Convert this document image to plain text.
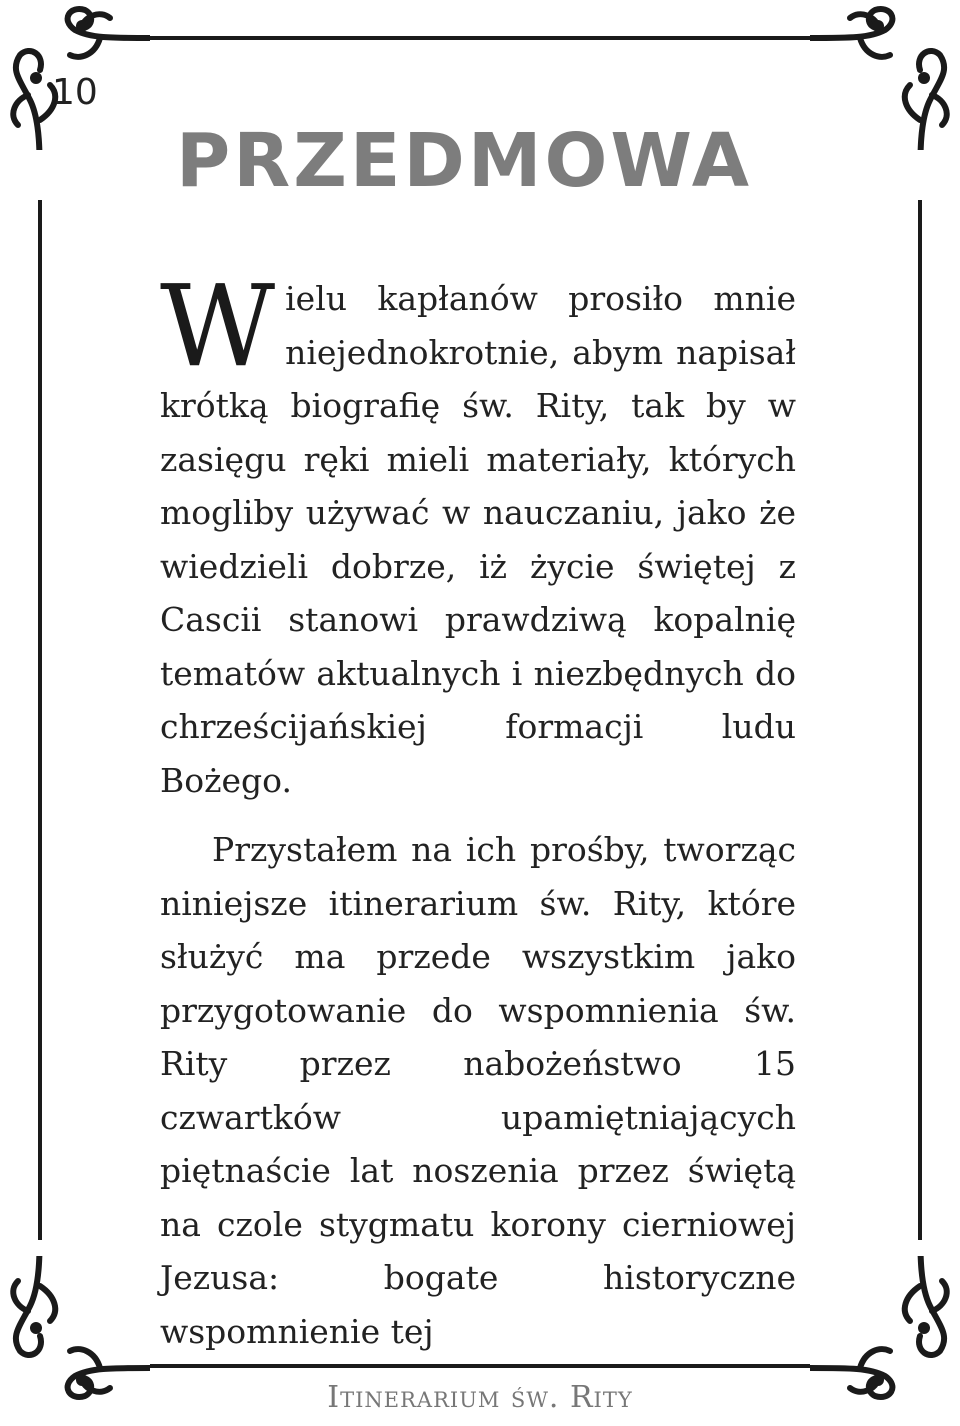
10
PRZEDMOWA
Wielu kapłanów prosiło mnie niejednokrotnie, abym napisał krótką biografię św. Rity, tak by w zasięgu ręki mieli materiały, których mogliby używać w nauczaniu, jako że wiedzieli dobrze, iż życie świętej z Cascii stanowi prawdziwą kopalnię tematów aktualnych i niezbędnych do chrześcijańskiej formacji ludu Bożego.
Przystałem na ich prośby, tworząc niniejsze itinerarium św. Rity, które służyć ma przede wszystkim jako przygotowanie do wspomnienia św. Rity przez nabożeństwo 15 czwartków upamiętniających piętnaście lat noszenia przez świętą na czole stygmatu korony cierniowej Jezusa: bogate historyczne wspomnienie tej
Itinerarium św. Rity
